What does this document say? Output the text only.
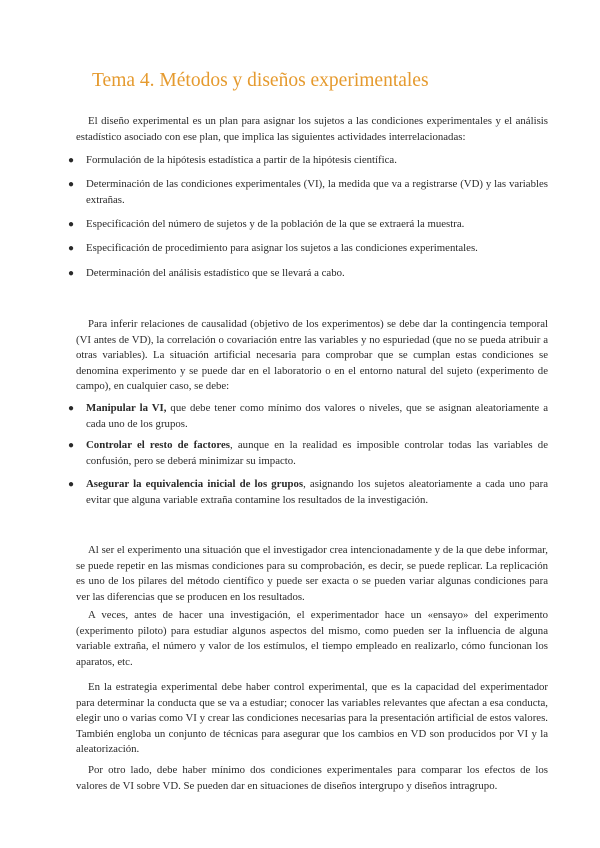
Tema 4. Métodos y diseños experimentales
El diseño experimental es un plan para asignar los sujetos a las condiciones experimentales y el análisis estadístico asociado con ese plan, que implica las siguientes actividades interrelacionadas:
●	Formulación de la hipótesis estadística a partir de la hipótesis científica.
●	Determinación de las condiciones experimentales (VI), la medida que va a registrarse (VD) y las variables extrañas.
●	Especificación del número de sujetos y de la población de la que se extraerá la muestra.
●	Especificación de procedimiento para asignar los sujetos a las condiciones experimentales.
●	Determinación del análisis estadístico que se llevará a cabo.
Para inferir relaciones de causalidad (objetivo de los experimentos) se debe dar la contingencia temporal (VI antes de VD), la correlación o covariación entre las variables y no espuriedad (que no se pueda atribuir a otras variables). La situación artificial necesaria para comprobar que se cumplan estas condiciones se denomina experimento y se puede dar en el laboratorio o en el entorno natural del sujeto (experimento de campo), en cualquier caso, se debe:
●	Manipular la VI, que debe tener como mínimo dos valores o niveles, que se asignan aleatoriamente a cada uno de los grupos.
●	Controlar el resto de factores, aunque en la realidad es imposible controlar todas las variables de confusión, pero se deberá minimizar su impacto.
●	Asegurar la equivalencia inicial de los grupos, asignando los sujetos aleatoriamente a cada uno para evitar que alguna variable extraña contamine los resultados de la investigación.
Al ser el experimento una situación que el investigador crea intencionadamente y de la que debe informar, se puede repetir en las mismas condiciones para su comprobación, es decir, se puede replicar. La replicación es uno de los pilares del método científico y puede ser exacta o se pueden variar algunas condiciones para ver las diferencias que se producen en los resultados.
A veces, antes de hacer una investigación, el experimentador hace un «ensayo» del experimento (experimento piloto) para estudiar algunos aspectos del mismo, como pueden ser la influencia de alguna variable extraña, el número y valor de los estímulos, el tiempo empleado en realizarlo, cómo funcionan los aparatos, etc.
En la estrategia experimental debe haber control experimental, que es la capacidad del experimentador para determinar la conducta que se va a estudiar; conocer las variables relevantes que afectan a esa conducta, elegir uno o varias como VI y crear las condiciones necesarias para la presentación artificial de estos valores. También engloba un conjunto de técnicas para asegurar que los cambios en VD son producidos por VI y la aleatorización.
Por otro lado, debe haber mínimo dos condiciones experimentales para comparar los efectos de los valores de VI sobre VD. Se pueden dar en situaciones de diseños intergrupo y diseños intragrupo.
